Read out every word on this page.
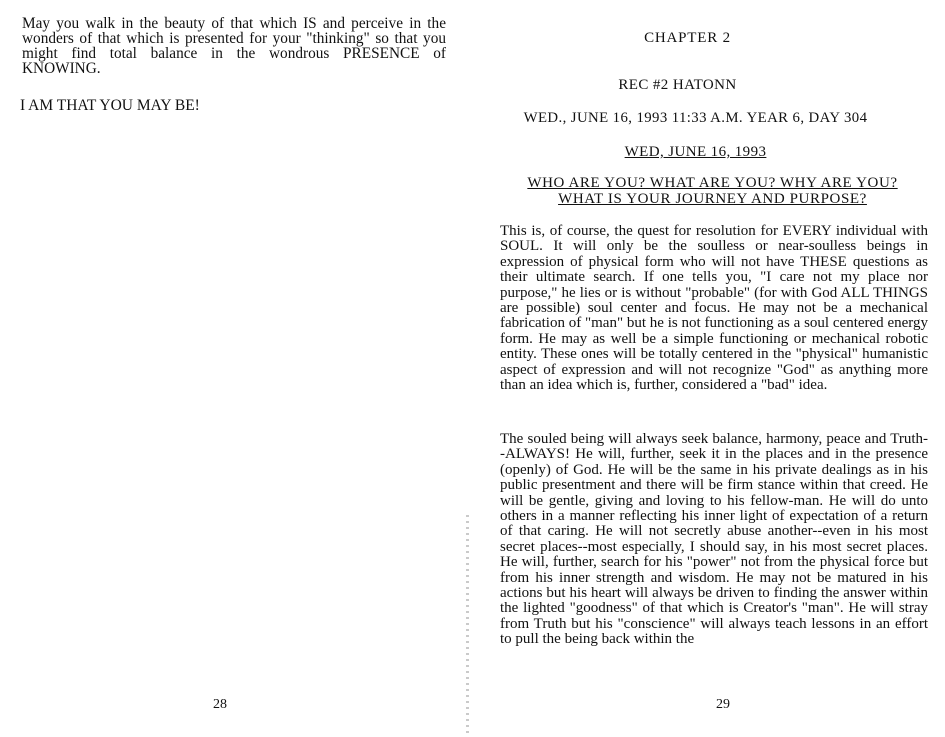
May you walk in the beauty of that which IS and perceive in the wonders of that which is presented for your "thinking" so that you might find total balance in the wondrous PRESENCE of KNOWING.

I AM THAT YOU MAY BE!

28

CHAPTER 2

REC #2 HATONN

WED., JUNE 16, 1993 11:33 A.M. YEAR 6, DAY 304

WED, JUNE 16, 1993

WHO ARE YOU? WHAT ARE YOU? WHY ARE YOU? WHAT IS YOUR JOURNEY AND PURPOSE?

This is, of course, the quest for resolution for EVERY individual with SOUL. It will only be the soulless or near-soulless beings in expression of physical form who will not have THESE questions as their ultimate search. If one tells you, "I care not my place nor purpose," he lies or is without "probable" (for with God ALL THINGS are possible) soul center and focus. He may not be a mechanical fabrication of "man" but he is not functioning as a soul centered energy form. He may as well be a simple functioning or mechanical robotic entity. These ones will be totally centered in the "physical" humanistic aspect of expression and will not recognize "God" as anything more than an idea which is, further, considered a "bad" idea.

The souled being will always seek balance, harmony, peace and Truth--ALWAYS! He will, further, seek it in the places and in the presence (openly) of God. He will be the same in his private dealings as in his public presentment and there will be firm stance within that creed. He will be gentle, giving and loving to his fellow-man. He will do unto others in a manner reflecting his inner light of expectation of a return of that caring. He will not secretly abuse another--even in his most secret places--most especially, I should say, in his most secret places. He will, further, search for his "power" not from the physical force but from his inner strength and wisdom. He may not be matured in his actions but his heart will always be driven to finding the answer within the lighted "goodness" of that which is Creator's "man". He will stray from Truth but his "conscience" will always teach lessons in an effort to pull the being back within the

29
